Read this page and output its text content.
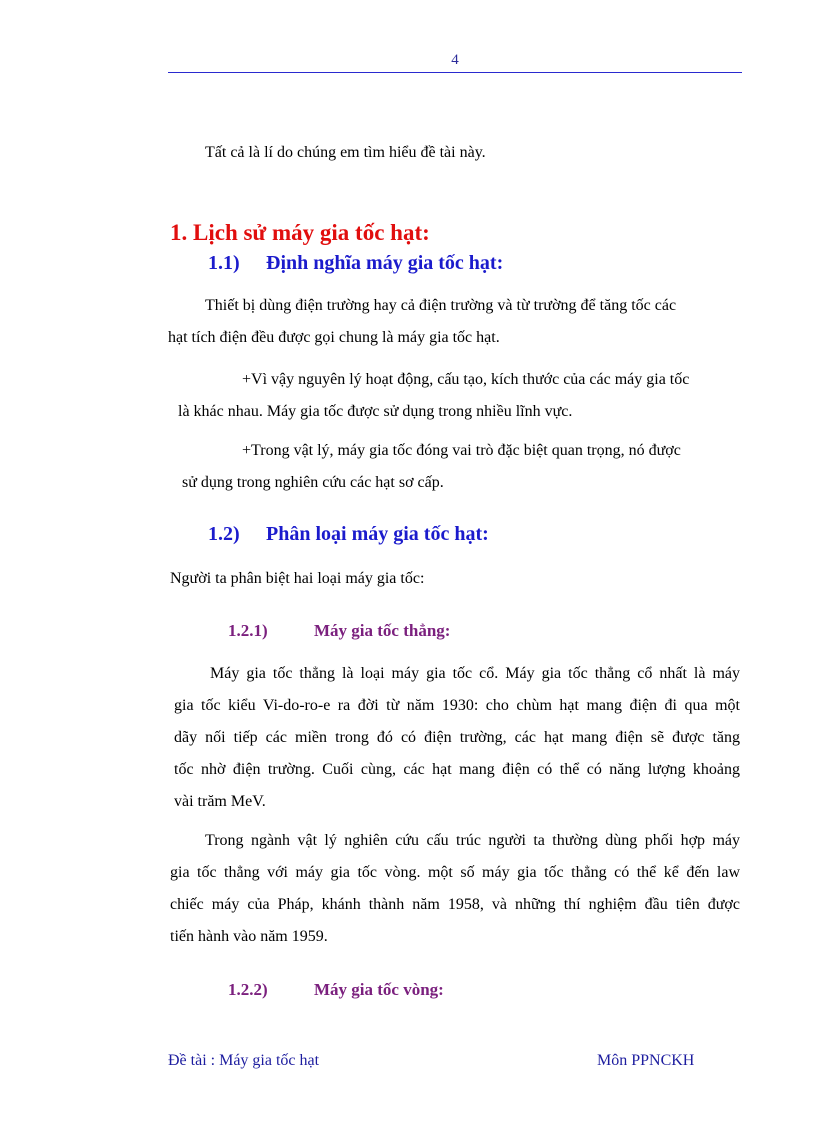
4
Tất cả là lí do chúng em tìm hiểu đề tài này.
1. Lịch sử máy gia tốc hạt:
1.1) Định nghĩa máy gia tốc hạt:
Thiết bị dùng điện trường hay cả điện trường và từ trường để tăng tốc các
hạt tích điện đều được gọi chung là máy gia tốc hạt.
+Vì vậy nguyên lý hoạt động, cấu tạo, kích thước của các máy gia tốc
là khác nhau. Máy gia tốc được sử dụng trong nhiều lĩnh vực.
+Trong vật lý, máy gia tốc đóng vai trò đặc biệt quan trọng, nó được
sử dụng trong nghiên cứu các hạt sơ cấp.
1.2) Phân loại máy gia tốc hạt:
Người ta phân biệt hai loại máy gia tốc:
1.2.1)	Máy gia tốc thẳng:
Máy gia tốc thẳng là loại máy gia tốc cổ. Máy gia tốc thẳng cổ nhất là máy
gia tốc kiểu Vi-do-ro-e ra đời từ năm 1930: cho chùm hạt mang điện đi qua một
dãy nối tiếp các miền trong đó có điện trường, các hạt mang điện sẽ được tăng
tốc nhờ điện trường. Cuối cùng, các hạt mang điện có thể có năng lượng khoảng
vài trăm MeV.
Trong ngành vật lý nghiên cứu cấu trúc người ta thường dùng phối hợp máy
gia tốc thẳng với máy gia tốc vòng. một số máy gia tốc thẳng có thể kể đến law
chiếc máy của Pháp, khánh thành năm 1958, và những thí nghiệm đầu tiên được
tiến hành vào năm 1959.
1.2.2)	Máy gia tốc vòng:
Đề tài : Máy gia tốc hạt	Môn PPNCKH
